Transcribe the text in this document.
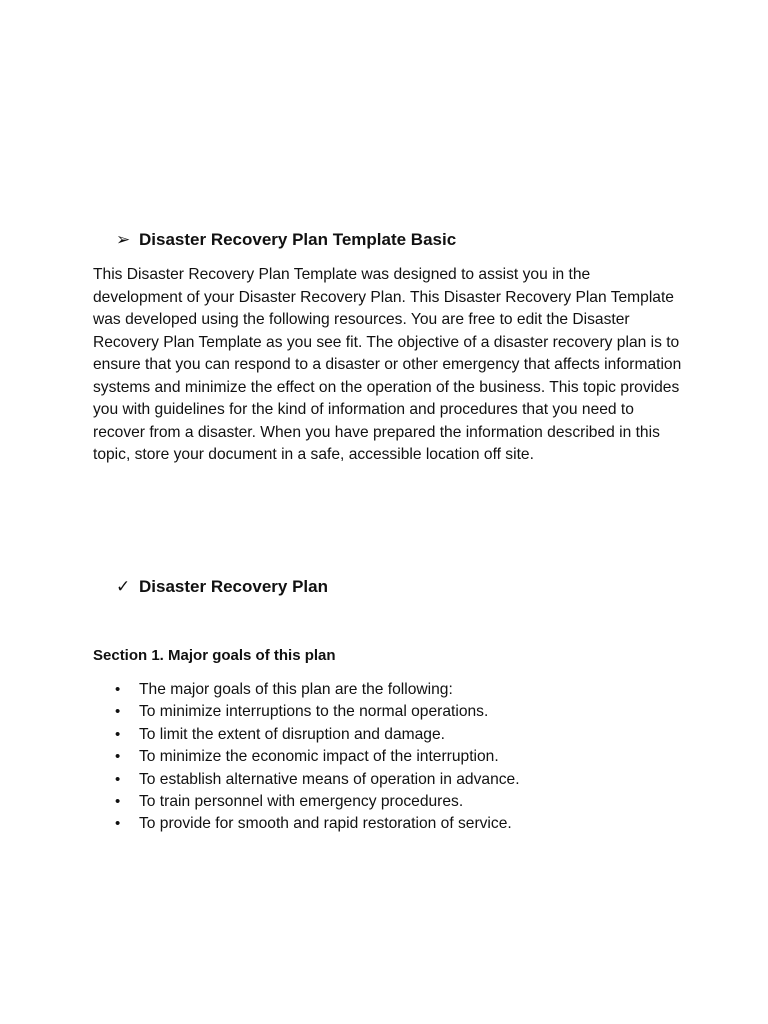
➢ Disaster Recovery Plan Template Basic

This Disaster Recovery Plan Template was designed to assist you in the development of your Disaster Recovery Plan. This Disaster Recovery Plan Template was developed using the following resources. You are free to edit the Disaster Recovery Plan Template as you see fit. The objective of a disaster recovery plan is to ensure that you can respond to a disaster or other emergency that affects information systems and minimize the effect on the operation of the business. This topic provides you with guidelines for the kind of information and procedures that you need to recover from a disaster. When you have prepared the information described in this topic, store your document in a safe, accessible location off site.

✓ Disaster Recovery Plan

Section 1. Major goals of this plan

•	The major goals of this plan are the following:
•	To minimize interruptions to the normal operations.
•	To limit the extent of disruption and damage.
•	To minimize the economic impact of the interruption.
•	To establish alternative means of operation in advance.
•	To train personnel with emergency procedures.
•	To provide for smooth and rapid restoration of service.
